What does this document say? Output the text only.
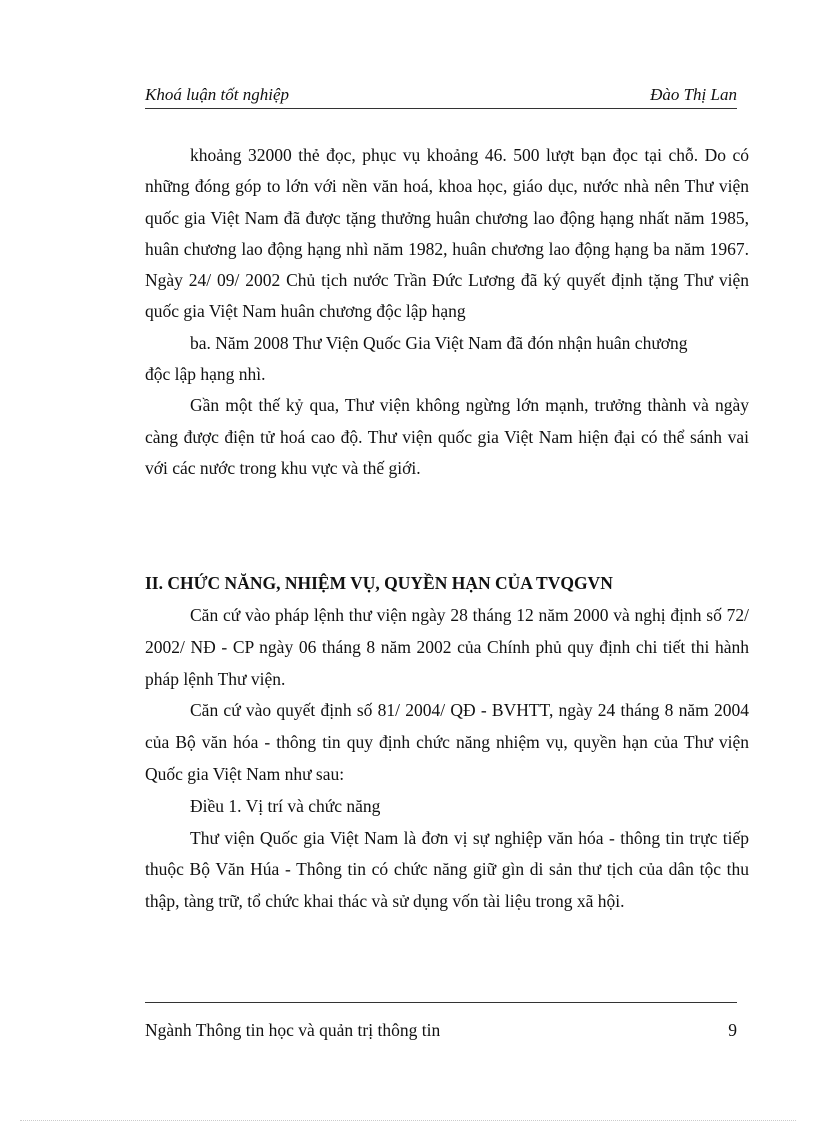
Khoá luận tốt nghiệp	Đào Thị Lan

khoảng 32000 thẻ đọc, phục vụ khoảng 46. 500 lượt bạn đọc tại chỗ. Do có những đóng góp to lớn với nền văn hoá, khoa học, giáo dục, nước nhà nên Thư viện quốc gia Việt Nam đã được tặng thưởng huân chương lao động hạng nhất năm 1985, huân chương lao động hạng nhì năm 1982, huân chương lao động hạng ba năm 1967. Ngày 24/ 09/ 2002 Chủ tịch nước Trần Đức Lương đã ký quyết định tặng Thư viện quốc gia Việt Nam huân chương độc lập hạng

ba. Năm 2008 Thư Viện Quốc Gia Việt Nam đã đón nhận huân chương

độc lập hạng nhì.

Gần một thế kỷ qua, Thư viện không ngừng lớn mạnh, trưởng thành và ngày càng được điện tử hoá cao độ. Thư viện quốc gia Việt Nam hiện đại có thể sánh vai với các nước trong khu vực và thế giới.

II. CHỨC NĂNG, NHIỆM VỤ, QUYỀN HẠN CỦA TVQGVN

Căn cứ vào pháp lệnh thư viện ngày 28 tháng 12 năm 2000 và nghị định số 72/ 2002/ NĐ - CP ngày 06 tháng 8 năm 2002 của Chính phủ quy định chi tiết thi hành pháp lệnh Thư viện.

Căn cứ vào quyết định số 81/ 2004/ QĐ - BVHTT, ngày 24 tháng 8 năm 2004 của Bộ văn hóa - thông tin quy định chức năng nhiệm vụ, quyền hạn của Thư viện Quốc gia Việt Nam như sau:

Điều 1. Vị trí và chức năng

Thư viện Quốc gia Việt Nam là đơn vị sự nghiệp văn hóa - thông tin trực tiếp thuộc Bộ Văn Húa - Thông tin có chức năng giữ gìn di sản thư tịch của dân tộc thu thập, tàng trữ, tổ chức khai thác và sử dụng vốn tài liệu trong xã hội.

Ngành Thông tin học và quản trị thông tin	9
